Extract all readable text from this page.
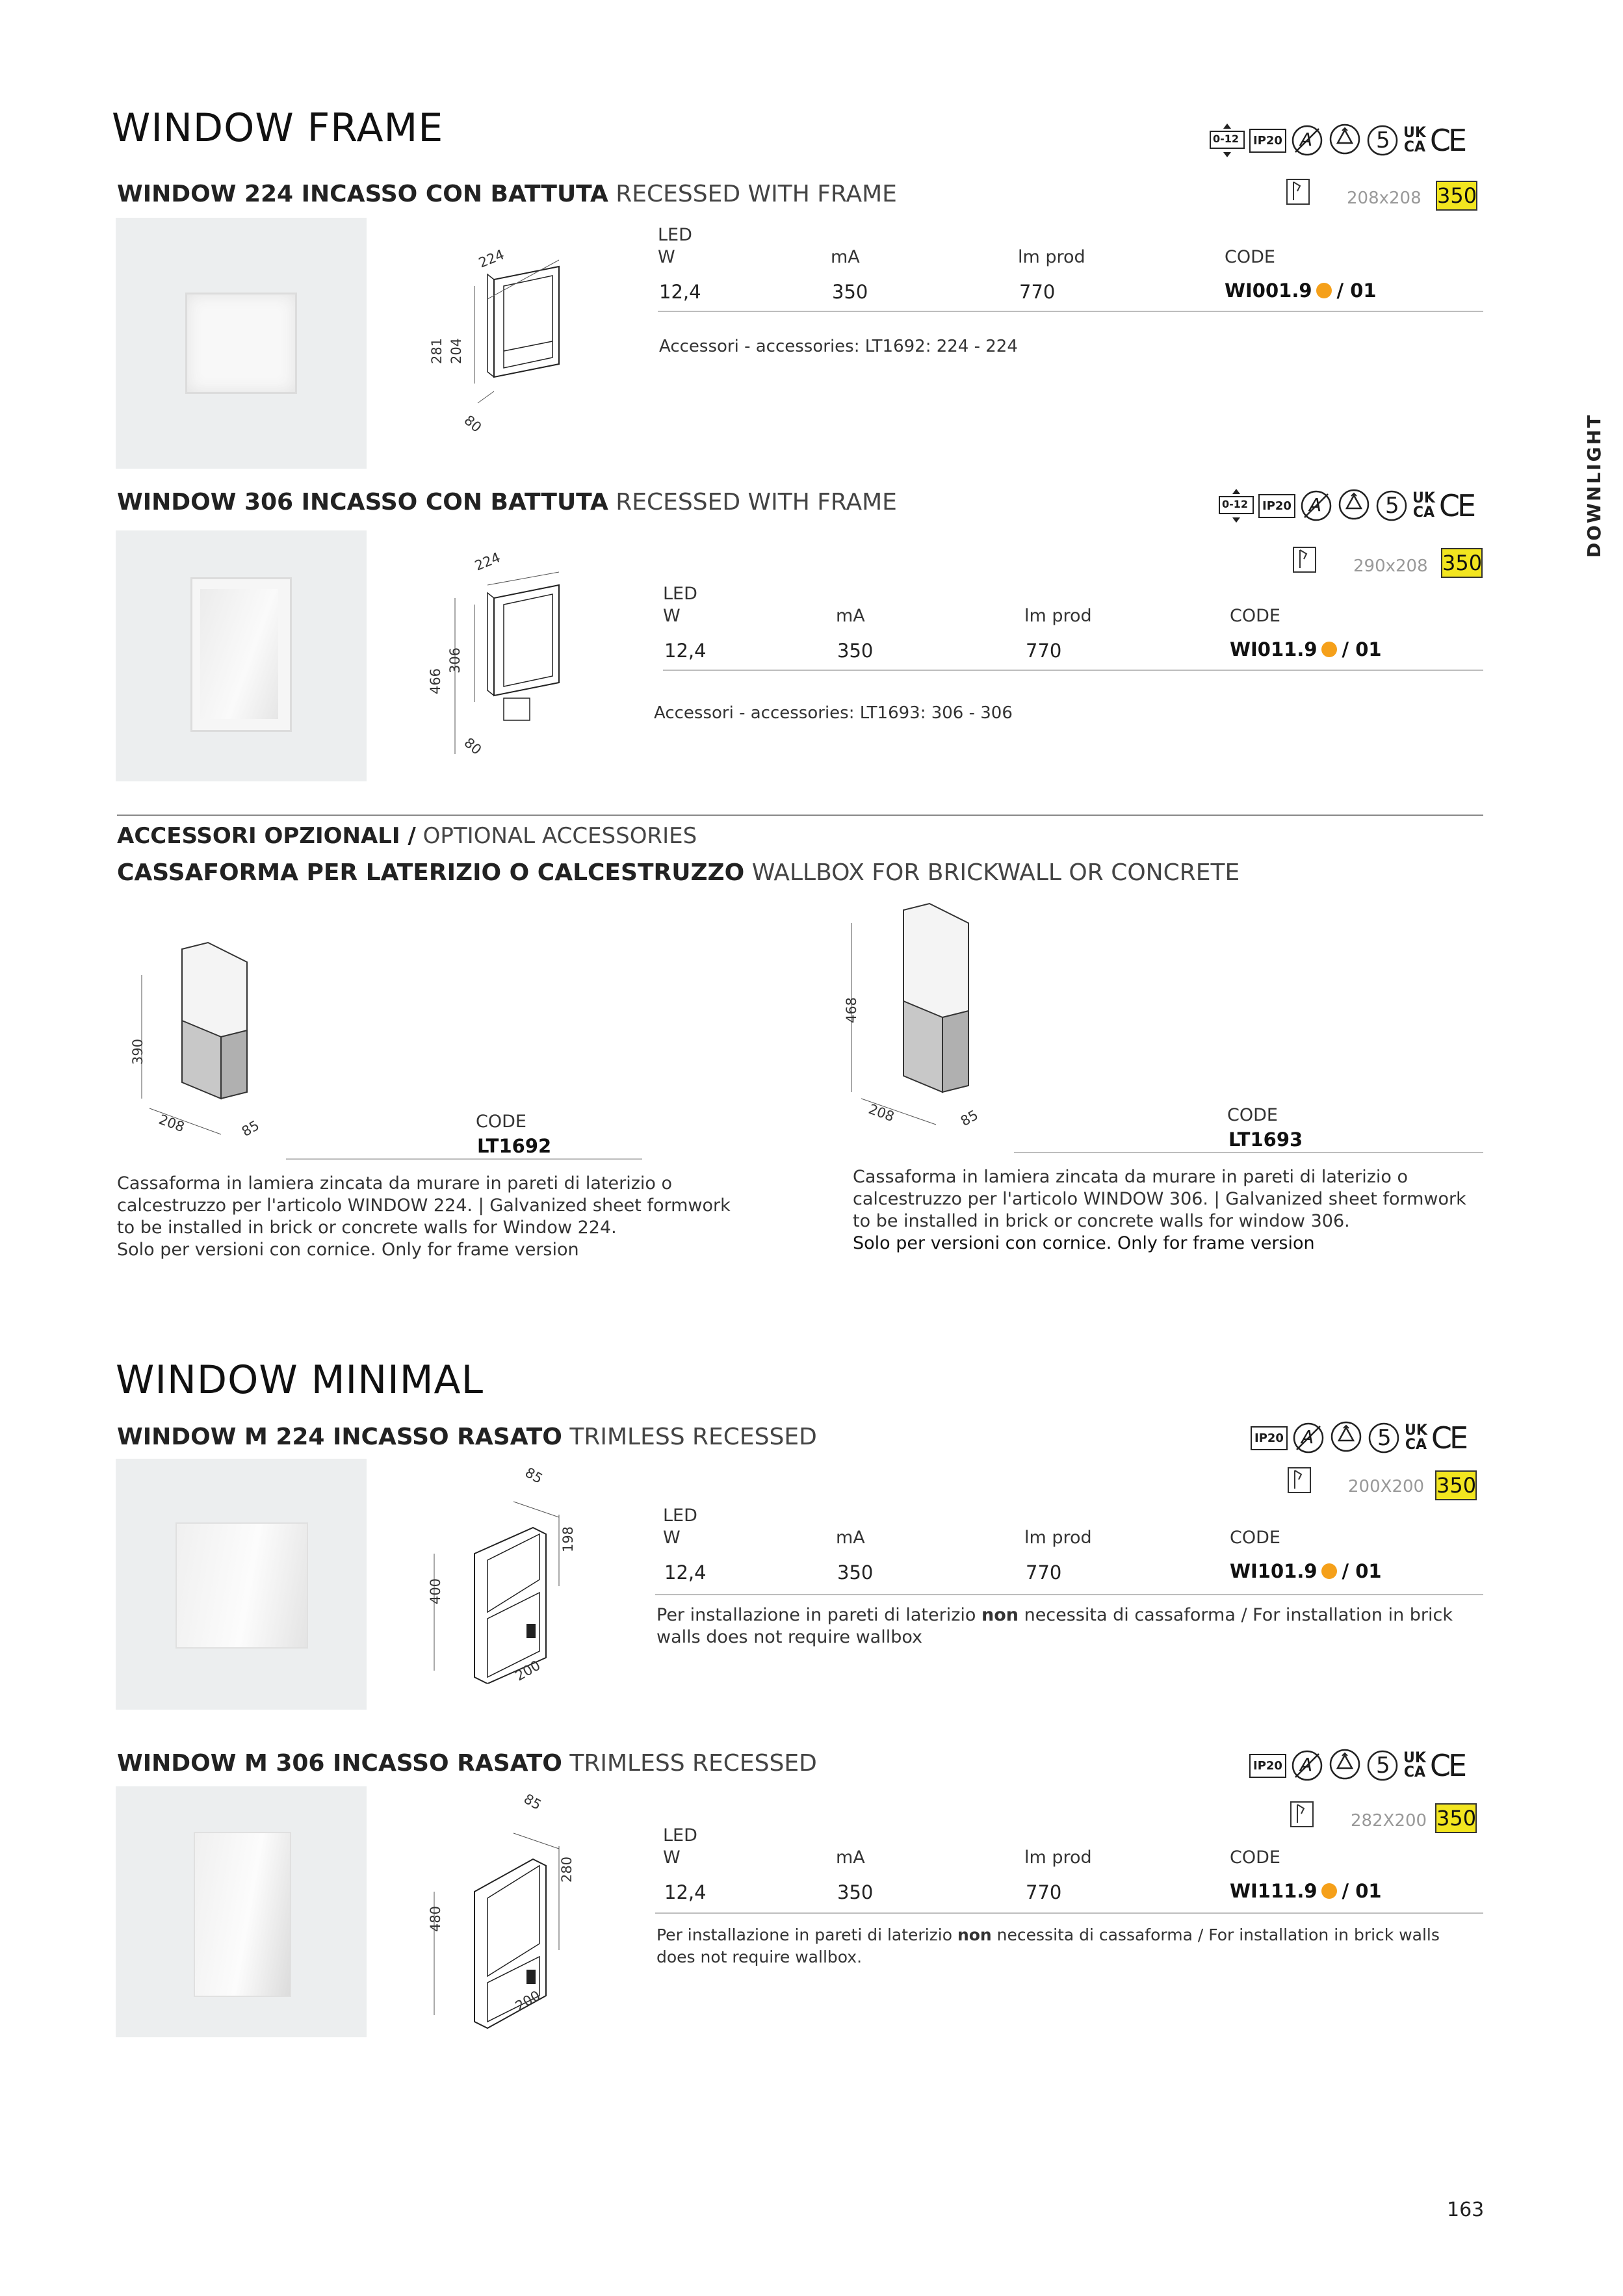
WINDOW FRAME	0-12	IP20 A	5 UK
CA CE
WINDOW 224 INCASSO CON BATTUTA RECESSED WITH FRAME	208x208 350
224
281 204
80
LED
W	mA	lm prod	CODE
12,4	350	770	WI001.9 / 01
Accessori - accessories: LT1692: 224 - 224
DOWNLIGHT
WINDOW 306 INCASSO CON BATTUTA RECESSED WITH FRAME	0-12	IP20 A	5 UK
CA CE
290x208 350
224
466
306
80
LED
W	mA	lm prod	CODE
12,4	350	770	WI011.9 / 01
Accessori - accessories: LT1693: 306 - 306
ACCESSORI OPZIONALI / OPTIONAL ACCESSORIES
CASSAFORMA PER LATERIZIO O CALCESTRUZZO WALLBOX FOR BRICKWALL OR CONCRETE
390
208	85	CODE
LT1692
Cassaforma in lamiera zincata da murare in pareti di laterizio o calcestruzzo per l'articolo WINDOW 224. | Galvanized sheet formwork to be installed in brick or concrete walls for Window 224.
Solo per versioni con cornice. Only for frame version
468
208	85	CODE
LT1693
Cassaforma in lamiera zincata da murare in pareti di laterizio o calcestruzzo per l'articolo WINDOW 306. | Galvanized sheet formwork to be installed in brick or concrete walls for window 306.
Solo per versioni con cornice. Only for frame version
WINDOW MINIMAL
WINDOW M 224 INCASSO RASATO TRIMLESS RECESSED	IP20 A	5 UK
CA CE
200X200 350
85
198
400
200
LED
W	mA	lm prod	CODE
12,4	350	770	WI101.9 / 01
Per installazione in pareti di laterizio non necessita di cassaforma / For installation in brick walls does not require wallbox
WINDOW M 306 INCASSO RASATO TRIMLESS RECESSED	IP20 A	5 UK
CA CE
282X200 350
85
280
480
200
LED
W	mA	lm prod	CODE
12,4	350	770	WI111.9 / 01
Per installazione in pareti di laterizio non necessita di cassaforma / For installation in brick walls does not require wallbox.
163
